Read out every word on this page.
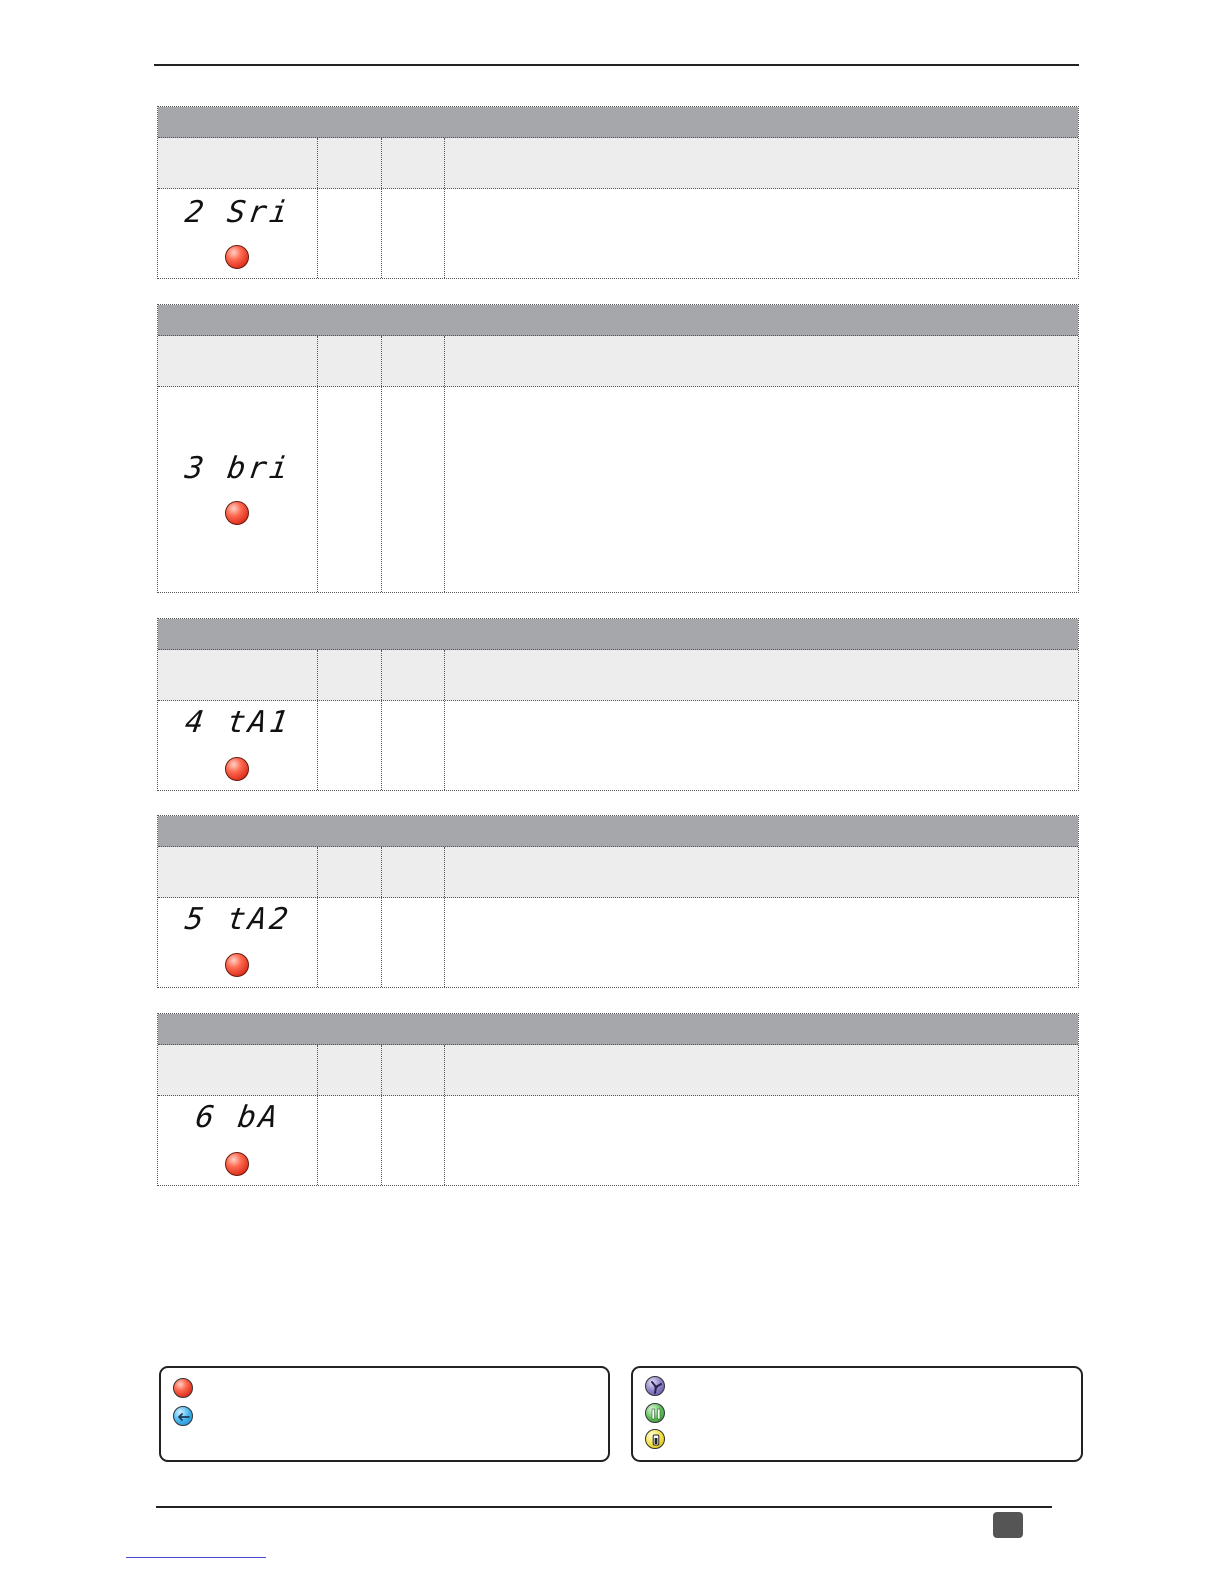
2 Sri
3 bri
4 tA1
5 tA2
6 bA
